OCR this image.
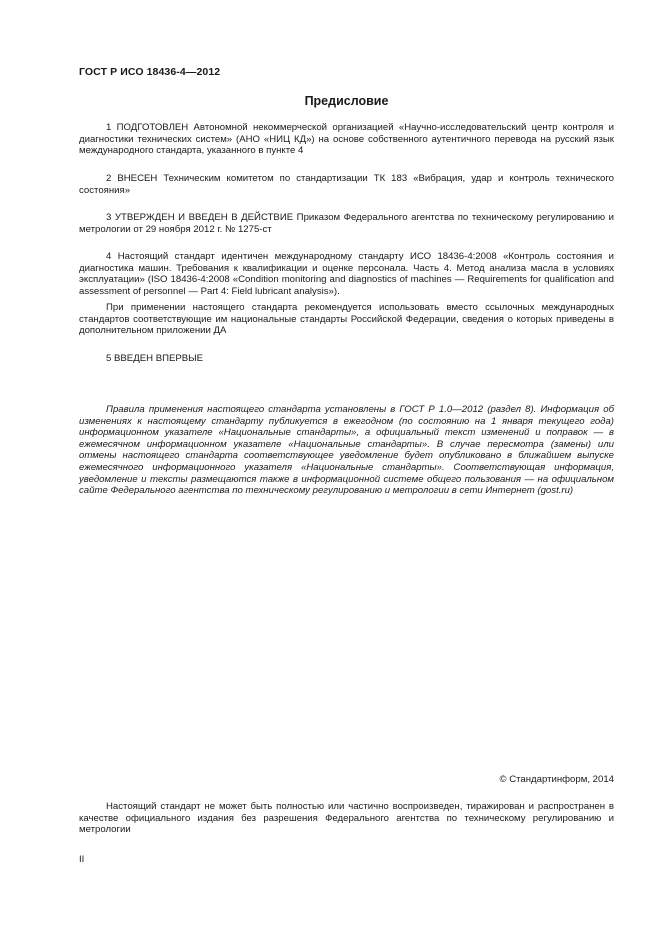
ГОСТ Р ИСО 18436-4—2012
Предисловие

1 ПОДГОТОВЛЕН Автономной некоммерческой организацией «Научно-исследовательский центр контроля и диагностики технических систем» (АНО «НИЦ КД») на основе собственного аутентичного перевода на русский язык международного стандарта, указанного в пункте 4

2 ВНЕСЕН Техническим комитетом по стандартизации ТК 183 «Вибрация, удар и контроль технического состояния»

3 УТВЕРЖДЕН И ВВЕДЕН В ДЕЙСТВИЕ Приказом Федерального агентства по техническому регулированию и метрологии от 29 ноября 2012 г. № 1275-ст

4 Настоящий стандарт идентичен международному стандарту ИСО 18436-4:2008 «Контроль состояния и диагностика машин. Требования к квалификации и оценке персонала. Часть 4. Метод анализа масла в условиях эксплуатации» (ISO 18436-4:2008 «Condition monitoring and diagnostics of machines — Requirements for qualification and assessment of personnel — Part 4: Field lubricant analysis»).

При применении настоящего стандарта рекомендуется использовать вместо ссылочных международных стандартов соответствующие им национальные стандарты Российской Федерации, сведения о которых приведены в дополнительном приложении ДА

5 ВВЕДЕН ВПЕРВЫЕ

Правила применения настоящего стандарта установлены в ГОСТ Р 1.0—2012 (раздел 8). Информация об изменениях к настоящему стандарту публикуется в ежегодном (по состоянию на 1 января текущего года) информационном указателе «Национальные стандарты», а официальный текст изменений и поправок — в ежемесячном информационном указателе «Национальные стандарты». В случае пересмотра (замены) или отмены настоящего стандарта соответствующее уведомление будет опубликовано в ближайшем выпуске ежемесячного информационного указателя «Национальные стандарты». Соответствующая информация, уведомление и тексты размещаются также в информационной системе общего пользования — на официальном сайте Федерального агентства по техническому регулированию и метрологии в сети Интернет (gost.ru)

© Стандартинформ, 2014

Настоящий стандарт не может быть полностью или частично воспроизведен, тиражирован и распространен в качестве официального издания без разрешения Федерального агентства по техническому регулированию и метрологии

II
